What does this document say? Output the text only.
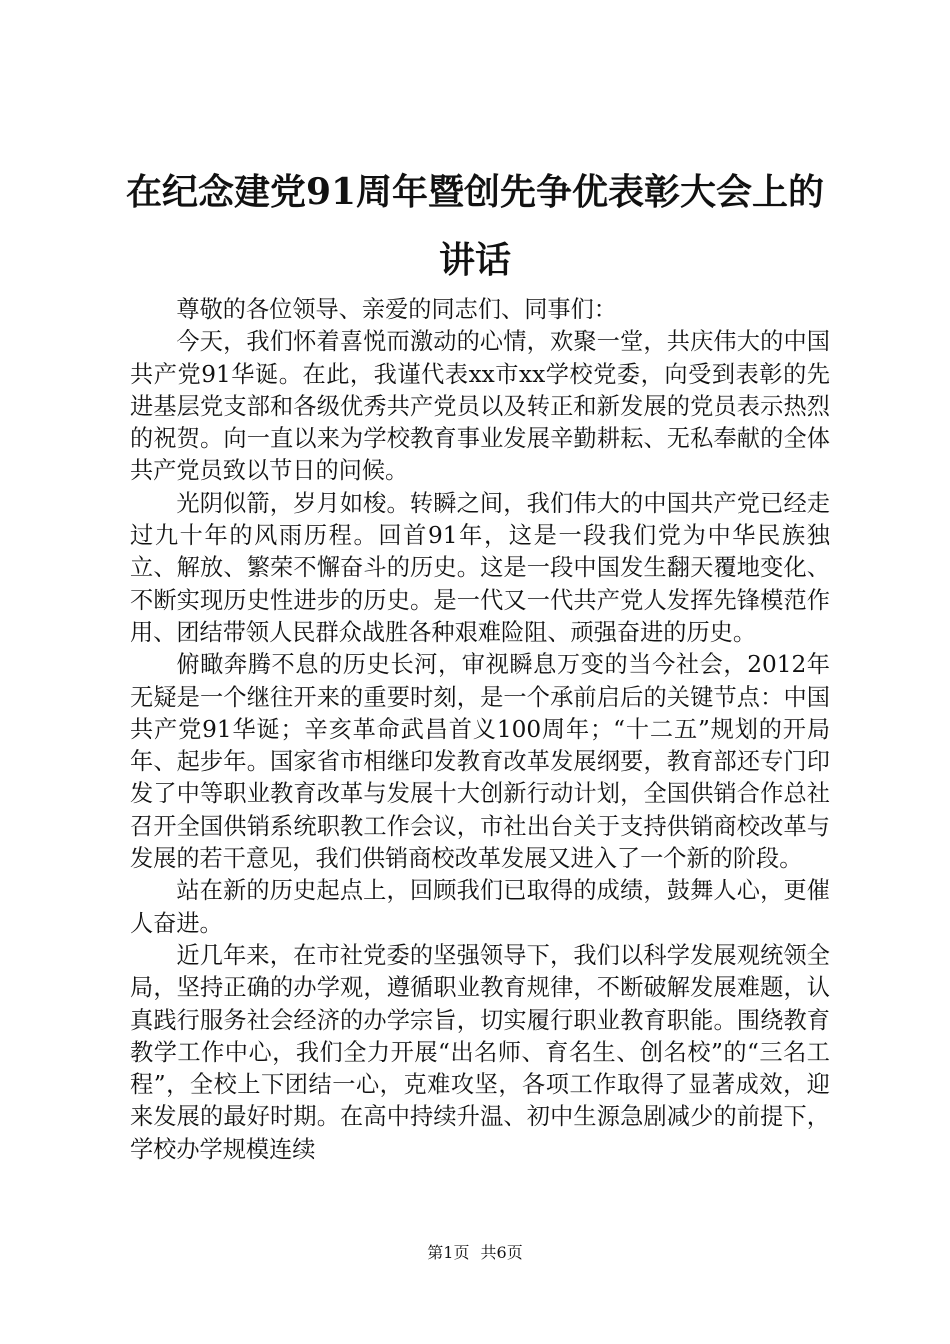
在纪念建党91周年暨创先争优表彰大会上的
讲话

尊敬的各位领导、亲爱的同志们、同事们：

今天，我们怀着喜悦而激动的心情，欢聚一堂，共庆伟大的中国共产党91华诞。在此，我谨代表xx市xx学校党委，向受到表彰的先进基层党支部和各级优秀共产党员以及转正和新发展的党员表示热烈的祝贺。向一直以来为学校教育事业发展辛勤耕耘、无私奉献的全体共产党员致以节日的问候。

光阴似箭，岁月如梭。转瞬之间，我们伟大的中国共产党已经走过九十年的风雨历程。回首91年，这是一段我们党为中华民族独立、解放、繁荣不懈奋斗的历史。这是一段中国发生翻天覆地变化、不断实现历史性进步的历史。是一代又一代共产党人发挥先锋模范作用、团结带领人民群众战胜各种艰难险阻、顽强奋进的历史。

俯瞰奔腾不息的历史长河，审视瞬息万变的当今社会，2012年无疑是一个继往开来的重要时刻，是一个承前启后的关键节点：中国共产党91华诞；辛亥革命武昌首义100周年；“十二五”规划的开局年、起步年。国家省市相继印发教育改革发展纲要，教育部还专门印发了中等职业教育改革与发展十大创新行动计划，全国供销合作总社召开全国供销系统职教工作会议，市社出台关于支持供销商校改革与发展的若干意见，我们供销商校改革发展又进入了一个新的阶段。

站在新的历史起点上，回顾我们已取得的成绩，鼓舞人心，更催人奋进。

近几年来，在市社党委的坚强领导下，我们以科学发展观统领全局，坚持正确的办学观，遵循职业教育规律，不断破解发展难题，认真践行服务社会经济的办学宗旨，切实履行职业教育职能。围绕教育教学工作中心，我们全力开展“出名师、育名生、创名校”的“三名工程”，全校上下团结一心，克难攻坚，各项工作取得了显著成效，迎来发展的最好时期。在高中持续升温、初中生源急剧减少的前提下，学校办学规模连续

第1页 共6页
